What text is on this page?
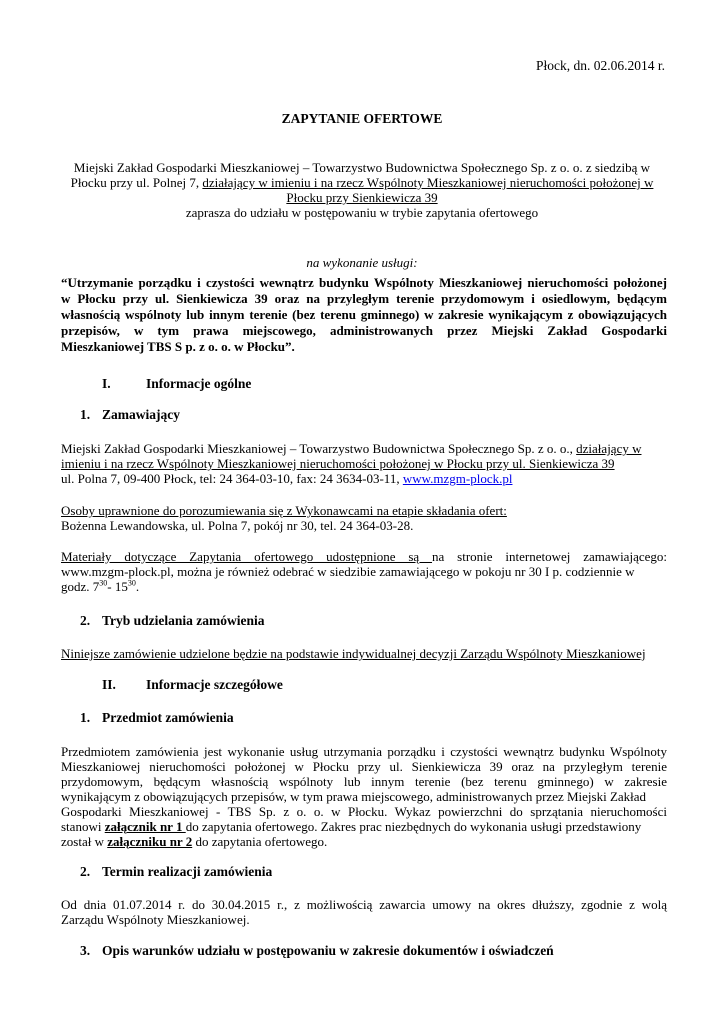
Płock, dn. 02.06.2014 r.
ZAPYTANIE OFERTOWE
Miejski Zakład Gospodarki Mieszkaniowej – Towarzystwo Budownictwa Społecznego Sp. z o. o. z siedzibą w
Płocku przy ul. Polnej 7, działający w imieniu i na rzecz Wspólnoty Mieszkaniowej nieruchomości położonej w
Płocku przy Sienkiewicza 39
zaprasza do udziału w postępowaniu w trybie zapytania ofertowego
na wykonanie usługi:
“Utrzymanie porządku i czystości wewnątrz budynku Wspólnoty Mieszkaniowej nieruchomości położonej
w Płocku przy ul. Sienkiewicza 39 oraz na przyległym terenie przydomowym i osiedlowym, będącym
własnością wspólnoty lub innym terenie (bez terenu gminnego) w zakresie wynikającym z obowiązujących
przepisów, w tym prawa miejscowego, administrowanych przez Miejski Zakład Gospodarki
Mieszkaniowej TBS S p. z o. o. w Płocku”.
I.	Informacje ogólne
1. Zamawiający
Miejski Zakład Gospodarki Mieszkaniowej – Towarzystwo Budownictwa Społecznego Sp. z o. o., działający w
imieniu i na rzecz Wspólnoty Mieszkaniowej nieruchomości położonej w Płocku przy ul. Sienkiewicza 39
ul. Polna 7, 09-400 Płock, tel: 24 364-03-10, fax: 24 3634-03-11, www.mzgm-plock.pl
Osoby uprawnione do porozumiewania się z Wykonawcami na etapie składania ofert:
Bożenna Lewandowska, ul. Polna 7, pokój nr 30, tel. 24 364-03-28.
Materiały dotyczące Zapytania ofertowego udostępnione są na stronie internetowej zamawiającego:
www.mzgm-plock.pl, można je również odebrać w siedzibie zamawiającego w pokoju nr 30 I p. codziennie w
godz. $7^{30}-$ $15^{30}$.
2. Tryb udzielania zamówienia
Niniejsze zamówienie udzielone będzie na podstawie indywidualnej decyzji Zarządu Wspólnoty Mieszkaniowej
II. Informacje szczegółowe
1. Przedmiot zamówienia
Przedmiotem zamówienia jest wykonanie usług utrzymania porządku i czystości wewnątrz budynku Wspólnoty
Mieszkaniowej nieruchomości położonej w Płocku przy ul. Sienkiewicza 39 oraz na przyległym terenie
przydomowym, będącym własnością wspólnoty lub innym terenie (bez terenu gminnego) w zakresie
wynikającym z obowiązujących przepisów, w tym prawa miejscowego, administrowanych przez Miejski Zakład
Gospodarki Mieszkaniowej - TBS Sp. z o. o. w Płocku. Wykaz powierzchni do sprzątania nieruchomości
stanowi załącznik nr 1 do zapytania ofertowego. Zakres prac niezbędnych do wykonania usługi przedstawiony
został w załączniku nr 2 do zapytania ofertowego.
2. Termin realizacji zamówienia
Od dnia 01.07.2014 r. do 30.04.2015 r., z możliwością zawarcia umowy na okres dłuższy, zgodnie z wolą
Zarządu Wspólnoty Mieszkaniowej.
3. Opis warunków udziału w postępowaniu w zakresie dokumentów i oświadczeń
